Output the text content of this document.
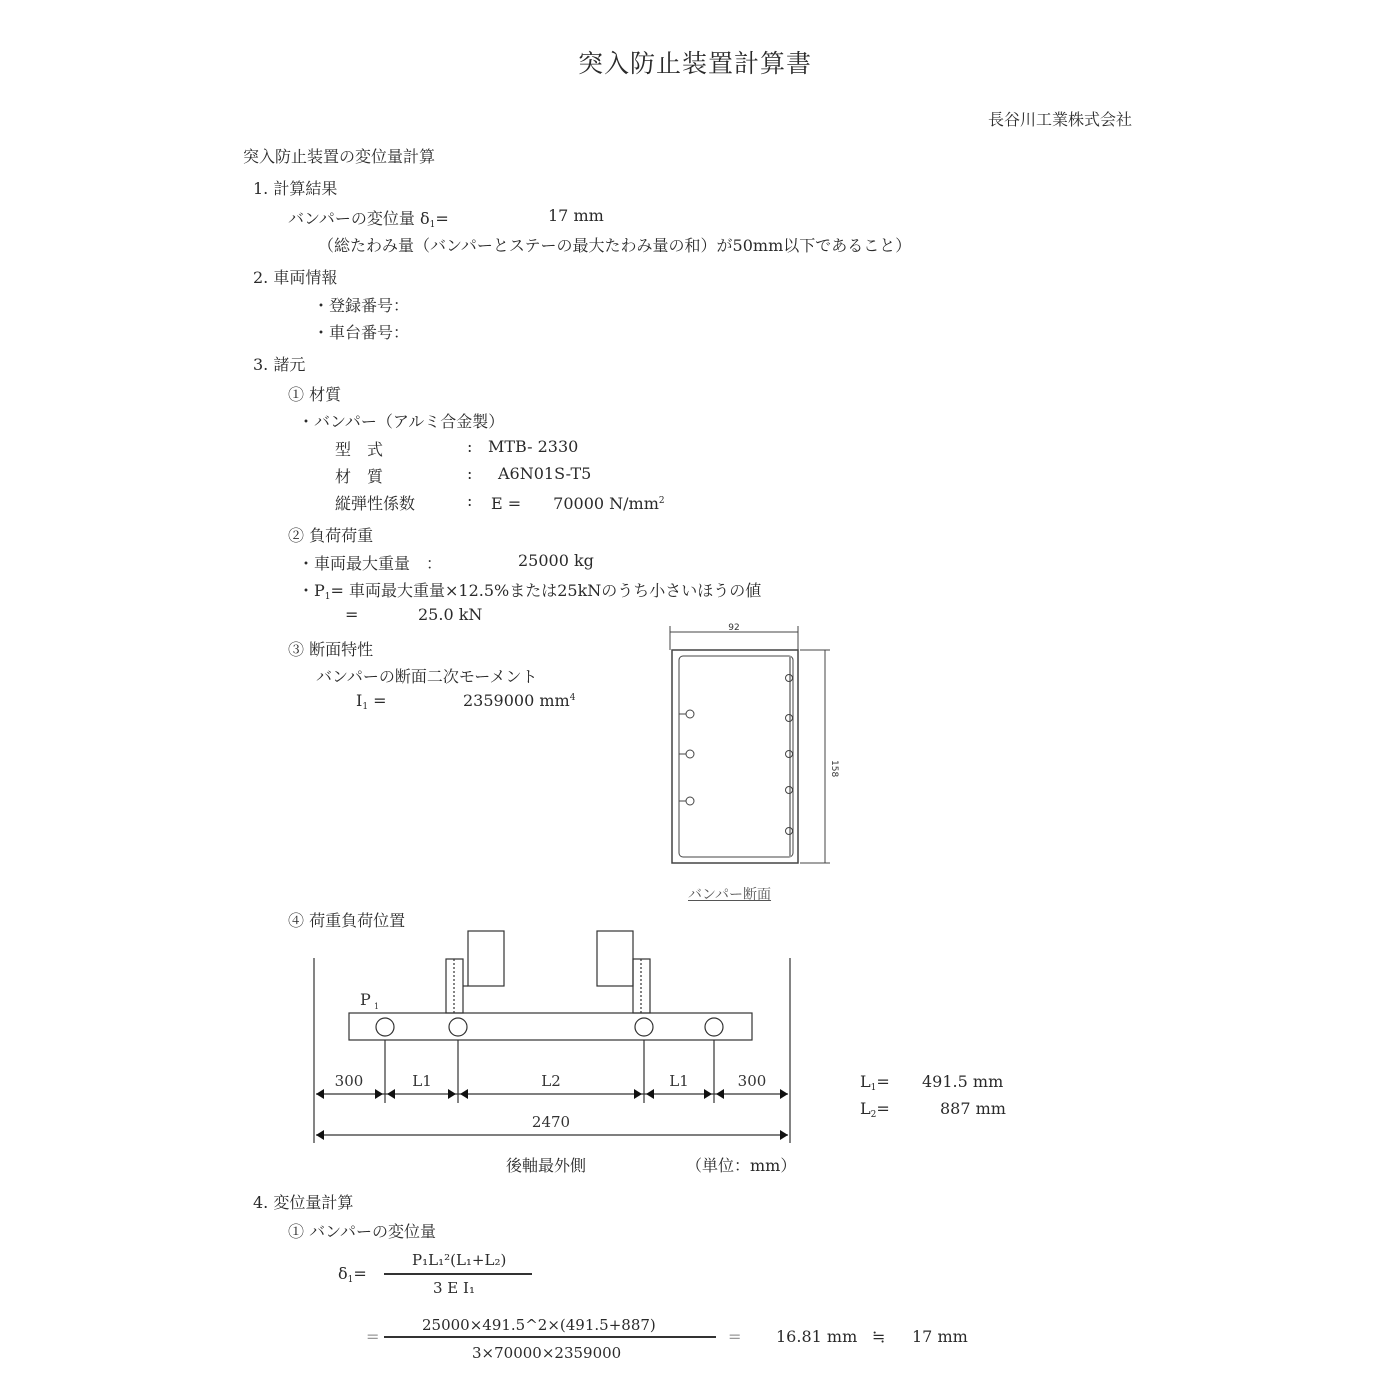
突入防止装置計算書
長谷川工業株式会社
突入防止装置の変位量計算
1. 計算結果
バンパーの変位量 $\delta_1=$	17 mm
（総たわみ量（バンパーとステーの最大たわみ量の和）が50mm以下であること）
2. 車両情報
・登録番号：
・車台番号：
3. 諸元
① 材質
・バンパー（アルミ合金製）
型　式	: MTB- 2330
材　質	: A6N01S-T5
縦弾性係数	: E =　　70000 $N/mm^2$
② 負荷荷重
・車両最大重量　：	25000 kg
・$P_1=$ 車両最大重量×12.5%または25kNのうち小さいほうの値
=	25.0 kN
③ 断面特性
バンパーの断面二次モーメント
$I_1$ =	2359000 $mm^4$
92
158
バンパー断面
④ 荷重負荷位置
300	L1	L2	L1	300
2470
P 1
後軸最外側	（単位：mm）
$L_1= 491.5$ mm
$L_2=$	887 mm
4. 変位量計算
① バンパーの変位量
$\delta_1=$
P₁L₁²(L₁+L₂)
3 E I₁
=
25000×491.5^2×(491.5+887)
3×70000×2359000
= 16.81 mm ≒ 17 mm
